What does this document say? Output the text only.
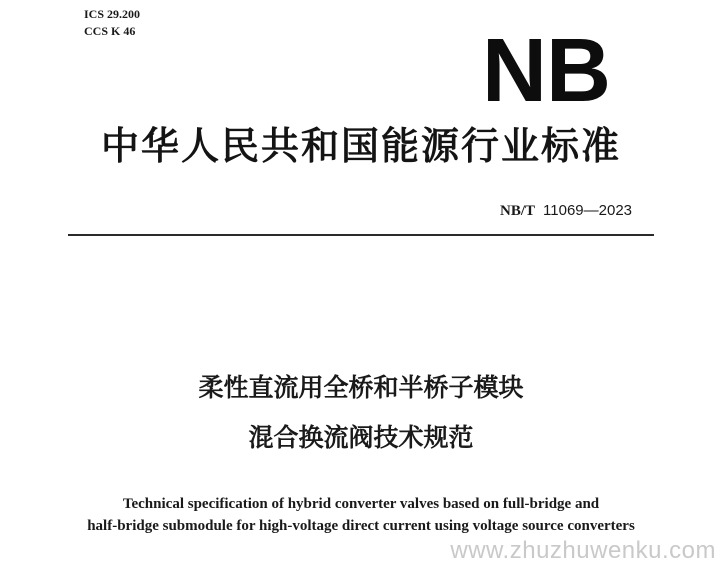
ICS 29.200
CCS K 46	NB
中华人民共和国能源行业标准
NB/T 11069—2023
柔性直流用全桥和半桥子模块
混合换流阀技术规范
Technical specification of hybrid converter valves based on full-bridge and
half-bridge submodule for high-voltage direct current using voltage source converters
www.zhuzhuwenku.com
